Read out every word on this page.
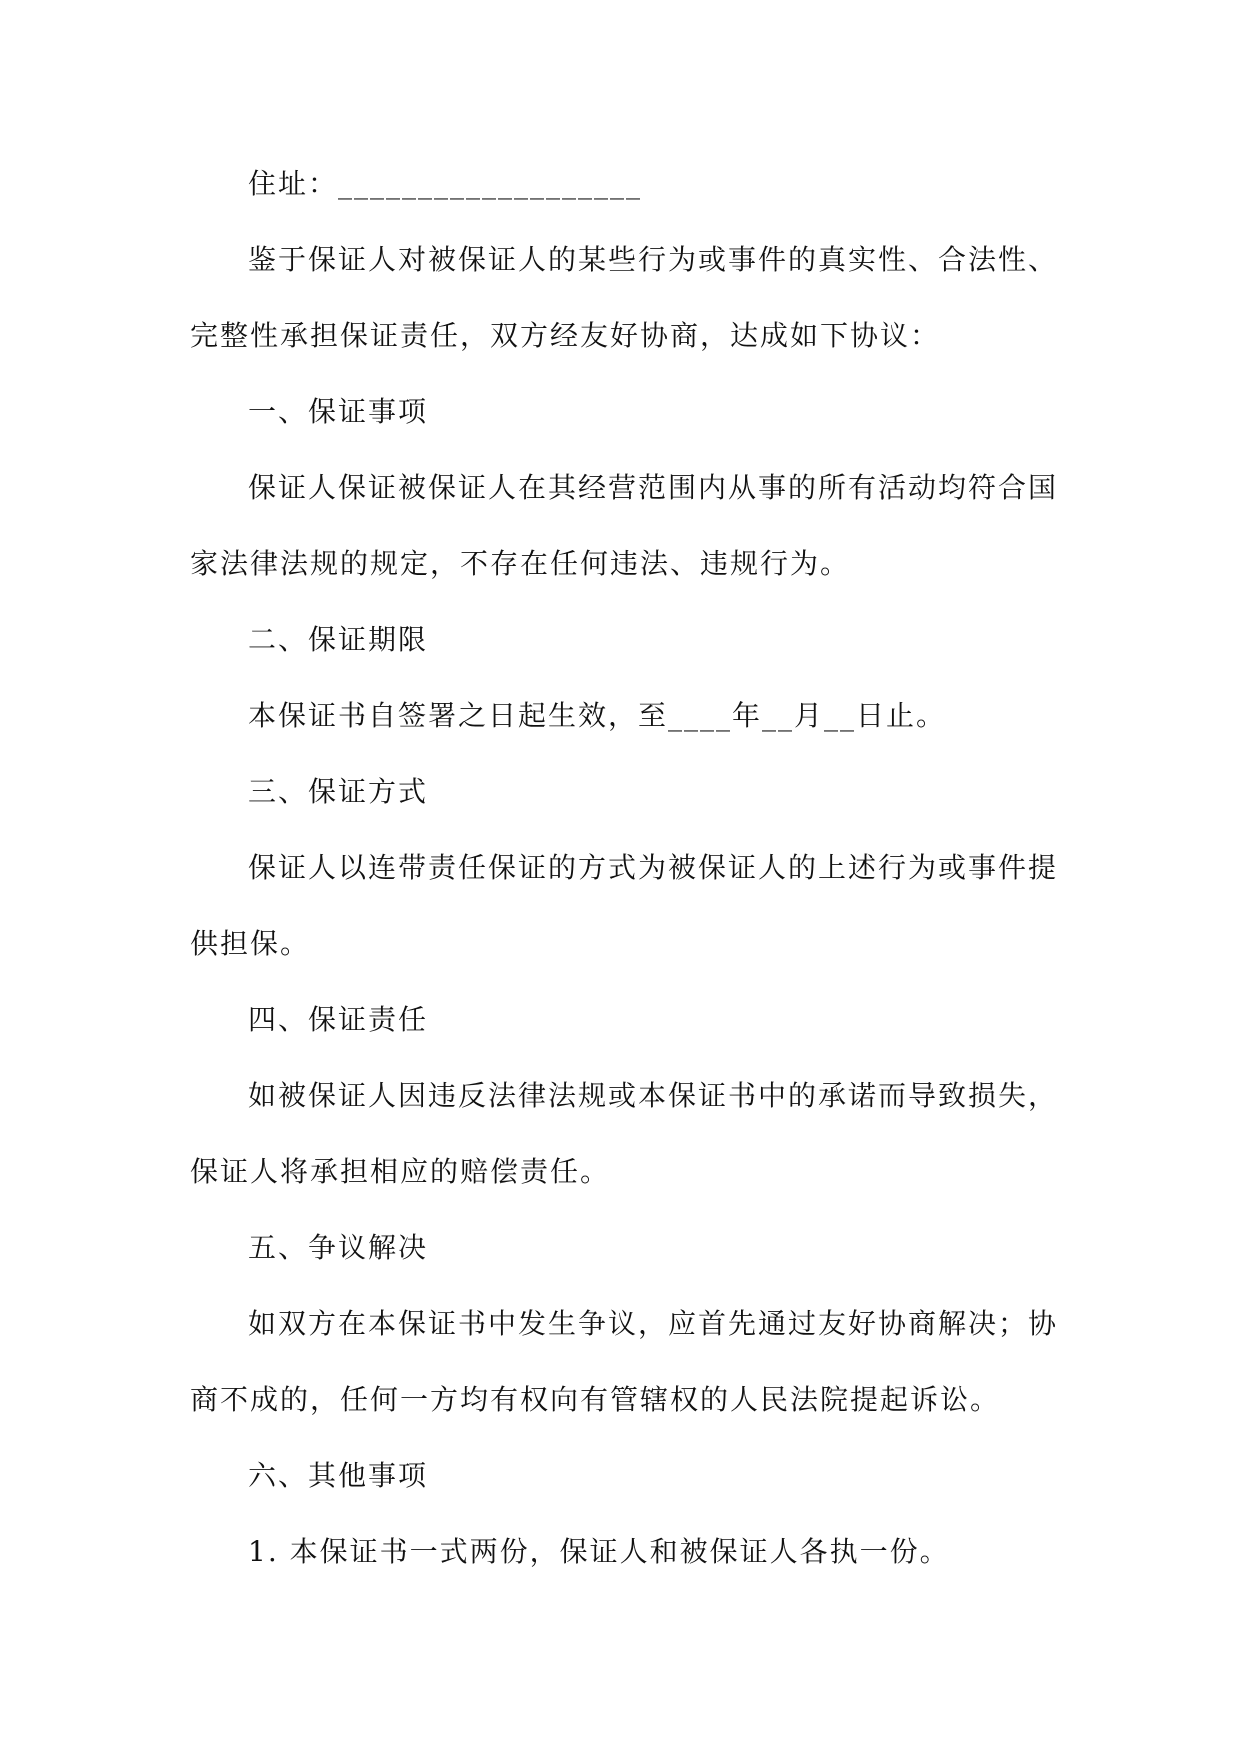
住址：___________________

鉴于保证人对被保证人的某些行为或事件的真实性、合法性、完整性承担保证责任，双方经友好协商，达成如下协议：

一、保证事项

保证人保证被保证人在其经营范围内从事的所有活动均符合国家法律法规的规定，不存在任何违法、违规行为。

二、保证期限

本保证书自签署之日起生效，至____年__月__日止。

三、保证方式

保证人以连带责任保证的方式为被保证人的上述行为或事件提供担保。

四、保证责任

如被保证人因违反法律法规或本保证书中的承诺而导致损失，保证人将承担相应的赔偿责任。

五、争议解决

如双方在本保证书中发生争议，应首先通过友好协商解决；协商不成的，任何一方均有权向有管辖权的人民法院提起诉讼。

六、其他事项

1. 本保证书一式两份，保证人和被保证人各执一份。
